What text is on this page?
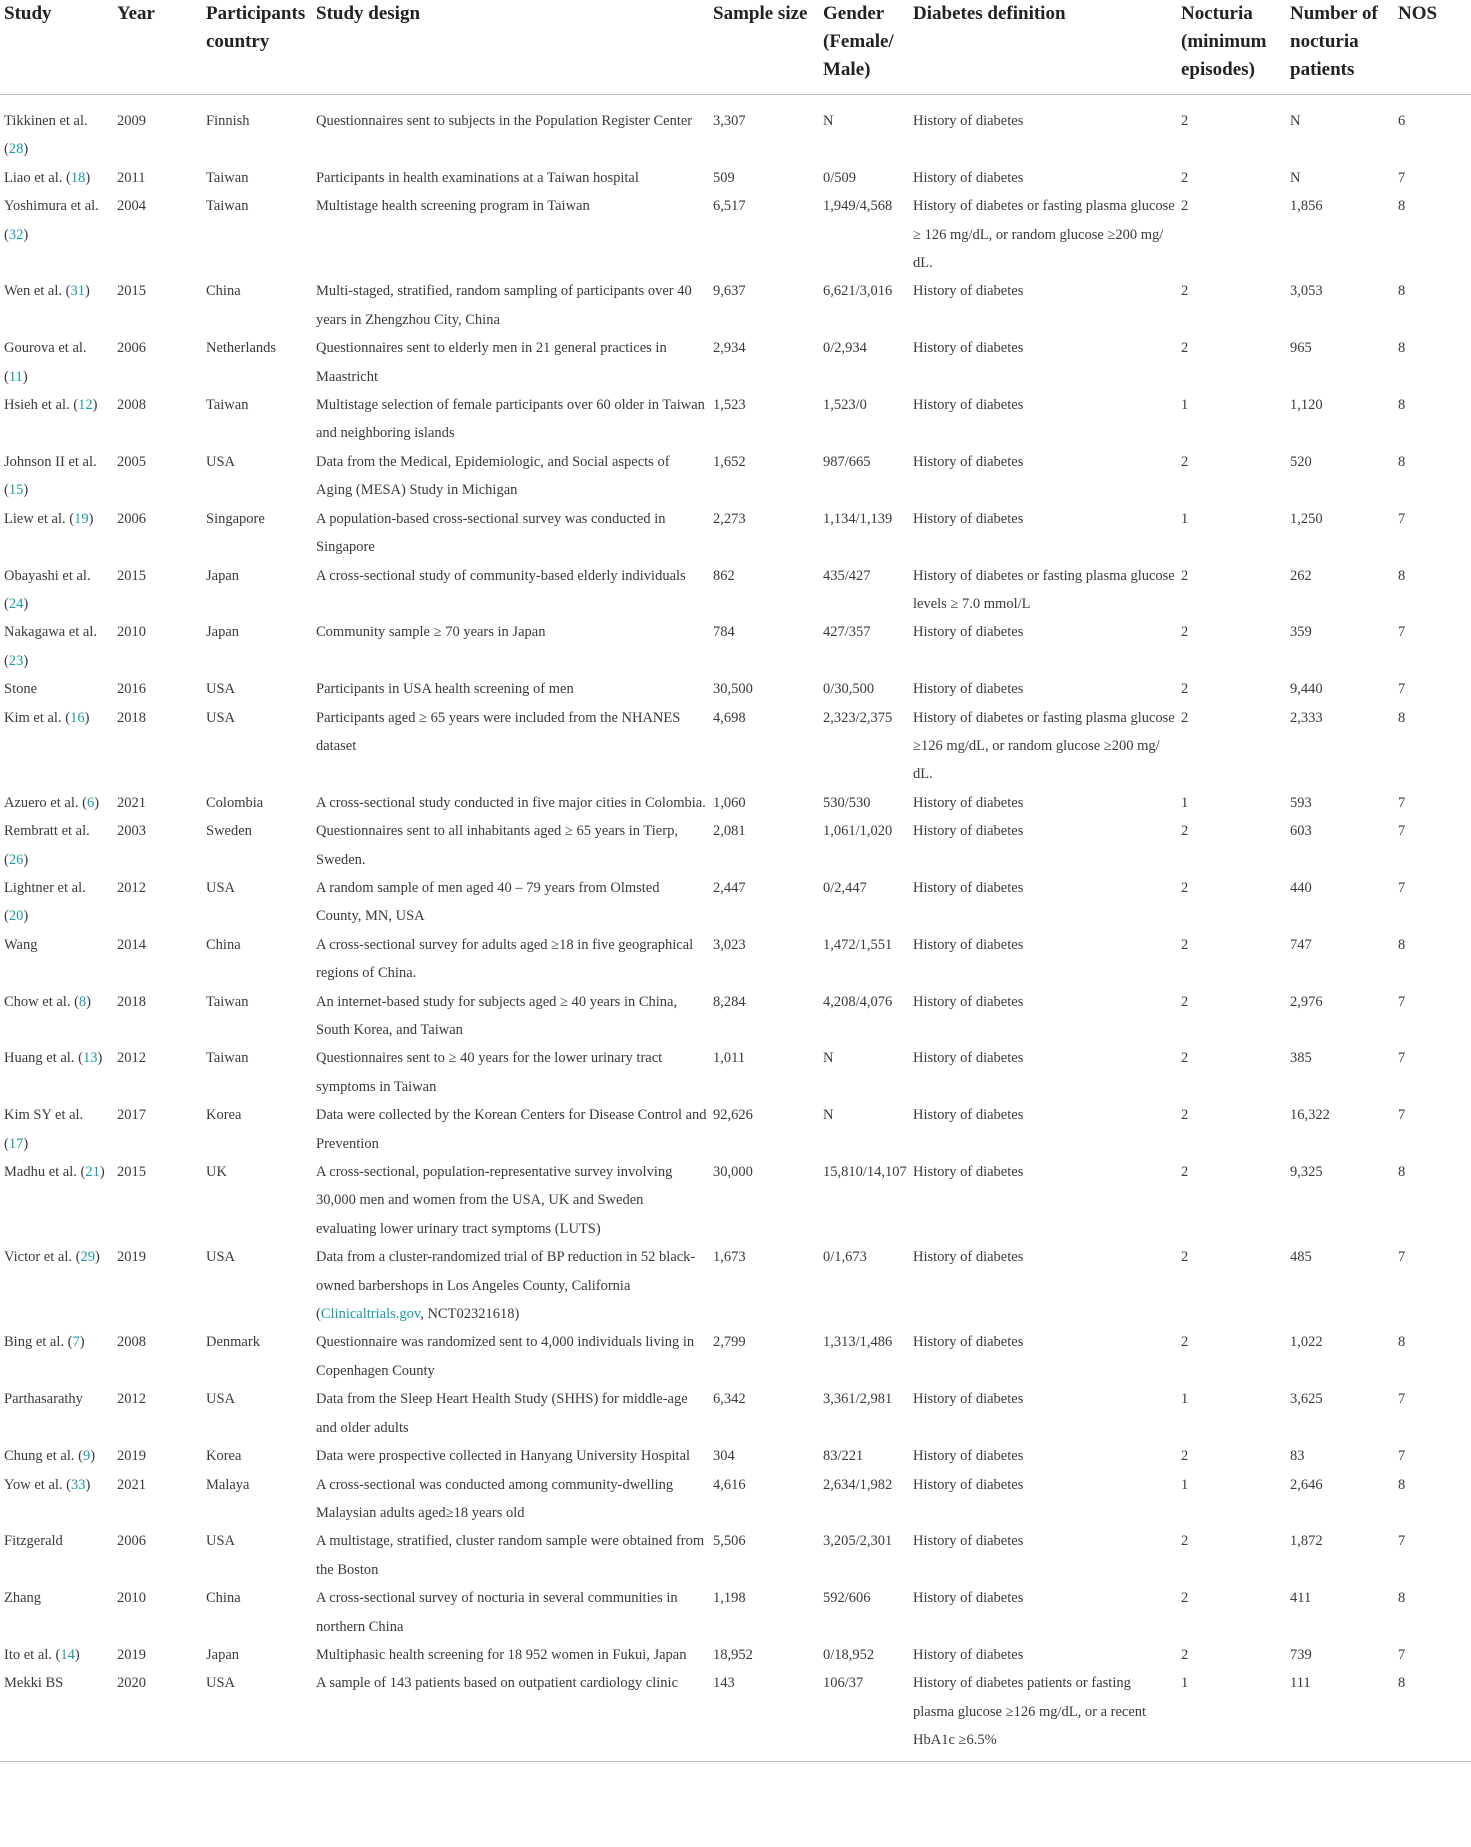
Study	Year	Participants country	Study design	Sample size	Gender (Female/ Male)	Diabetes definition	Nocturia (minimum episodes)	Number of nocturia patients	NOS
Tikkinen et al. (28)	2009	Finnish	Questionnaires sent to subjects in the Population Register Center	3,307	N	History of diabetes	2	N	6
Liao et al. (18)	2011	Taiwan	Participants in health examinations at a Taiwan hospital	509	0/509	History of diabetes	2	N	7
Yoshimura et al. (32)	2004	Taiwan	Multistage health screening program in Taiwan	6,517	1,949/4,568	History of diabetes or fasting plasma glucose ≥ 126 mg/dL, or random glucose ≥200 mg/ dL.	2	1,856	8
Wen et al. (31)	2015	China	Multi-staged, stratified, random sampling of participants over 40 years in Zhengzhou City, China	9,637	6,621/3,016	History of diabetes	2	3,053	8
Gourova et al. (11)	2006	Netherlands	Questionnaires sent to elderly men in 21 general practices in Maastricht	2,934	0/2,934	History of diabetes	2	965	8
Hsieh et al. (12)	2008	Taiwan	Multistage selection of female participants over 60 older in Taiwan and neighboring islands	1,523	1,523/0	History of diabetes	1	1,120	8
Johnson II et al. (15)	2005	USA	Data from the Medical, Epidemiologic, and Social aspects of Aging (MESA) Study in Michigan	1,652	987/665	History of diabetes	2	520	8
Liew et al. (19)	2006	Singapore	A population-based cross-sectional survey was conducted in Singapore	2,273	1,134/1,139	History of diabetes	1	1,250	7
Obayashi et al. (24)	2015	Japan	A cross-sectional study of community-based elderly individuals	862	435/427	History of diabetes or fasting plasma glucose levels ≥ 7.0 mmol/L	2	262	8
Nakagawa et al. (23)	2010	Japan	Community sample ≥ 70 years in Japan	784	427/357	History of diabetes	2	359	7
Stone	2016	USA	Participants in USA health screening of men	30,500	0/30,500	History of diabetes	2	9,440	7
Kim et al. (16)	2018	USA	Participants aged ≥ 65 years were included from the NHANES dataset	4,698	2,323/2,375	History of diabetes or fasting plasma glucose ≥126 mg/dL, or random glucose ≥200 mg/ dL.	2	2,333	8
Azuero et al. (6)	2021	Colombia	A cross-sectional study conducted in five major cities in Colombia.	1,060	530/530	History of diabetes	1	593	7
Rembratt et al. (26)	2003	Sweden	Questionnaires sent to all inhabitants aged ≥ 65 years in Tierp, Sweden.	2,081	1,061/1,020	History of diabetes	2	603	7
Lightner et al. (20)	2012	USA	A random sample of men aged 40 – 79 years from Olmsted County, MN, USA	2,447	0/2,447	History of diabetes	2	440	7
Wang	2014	China	A cross-sectional survey for adults aged ≥18 in five geographical regions of China.	3,023	1,472/1,551	History of diabetes	2	747	8
Chow et al. (8)	2018	Taiwan	An internet-based study for subjects aged ≥ 40 years in China, South Korea, and Taiwan	8,284	4,208/4,076	History of diabetes	2	2,976	7
Huang et al. (13)	2012	Taiwan	Questionnaires sent to ≥ 40 years for the lower urinary tract symptoms in Taiwan	1,011	N	History of diabetes	2	385	7
Kim SY et al. (17)	2017	Korea	Data were collected by the Korean Centers for Disease Control and Prevention	92,626	N	History of diabetes	2	16,322	7
Madhu et al. (21)	2015	UK	A cross-sectional, population-representative survey involving 30,000 men and women from the USA, UK and Sweden evaluating lower urinary tract symptoms (LUTS)	30,000	15,810/14,107	History of diabetes	2	9,325	8
Victor et al. (29)	2019	USA	Data from a cluster-randomized trial of BP reduction in 52 black-owned barbershops in Los Angeles County, California (Clinicaltrials.gov, NCT02321618)	1,673	0/1,673	History of diabetes	2	485	7
Bing et al. (7)	2008	Denmark	Questionnaire was randomized sent to 4,000 individuals living in Copenhagen County	2,799	1,313/1,486	History of diabetes	2	1,022	8
Parthasarathy	2012	USA	Data from the Sleep Heart Health Study (SHHS) for middle-age and older adults	6,342	3,361/2,981	History of diabetes	1	3,625	7
Chung et al. (9)	2019	Korea	Data were prospective collected in Hanyang University Hospital	304	83/221	History of diabetes	2	83	7
Yow et al. (33)	2021	Malaya	A cross-sectional was conducted among community-dwelling Malaysian adults aged≥18 years old	4,616	2,634/1,982	History of diabetes	1	2,646	8
Fitzgerald	2006	USA	A multistage, stratified, cluster random sample were obtained from the Boston	5,506	3,205/2,301	History of diabetes	2	1,872	7
Zhang	2010	China	A cross-sectional survey of nocturia in several communities in northern China	1,198	592/606	History of diabetes	2	411	8
Ito et al. (14)	2019	Japan	Multiphasic health screening for 18 952 women in Fukui, Japan	18,952	0/18,952	History of diabetes	2	739	7
Mekki BS	2020	USA	A sample of 143 patients based on outpatient cardiology clinic	143	106/37	History of diabetes patients or fasting plasma glucose ≥126 mg/dL, or a recent HbA1c ≥6.5%	1	111	8
